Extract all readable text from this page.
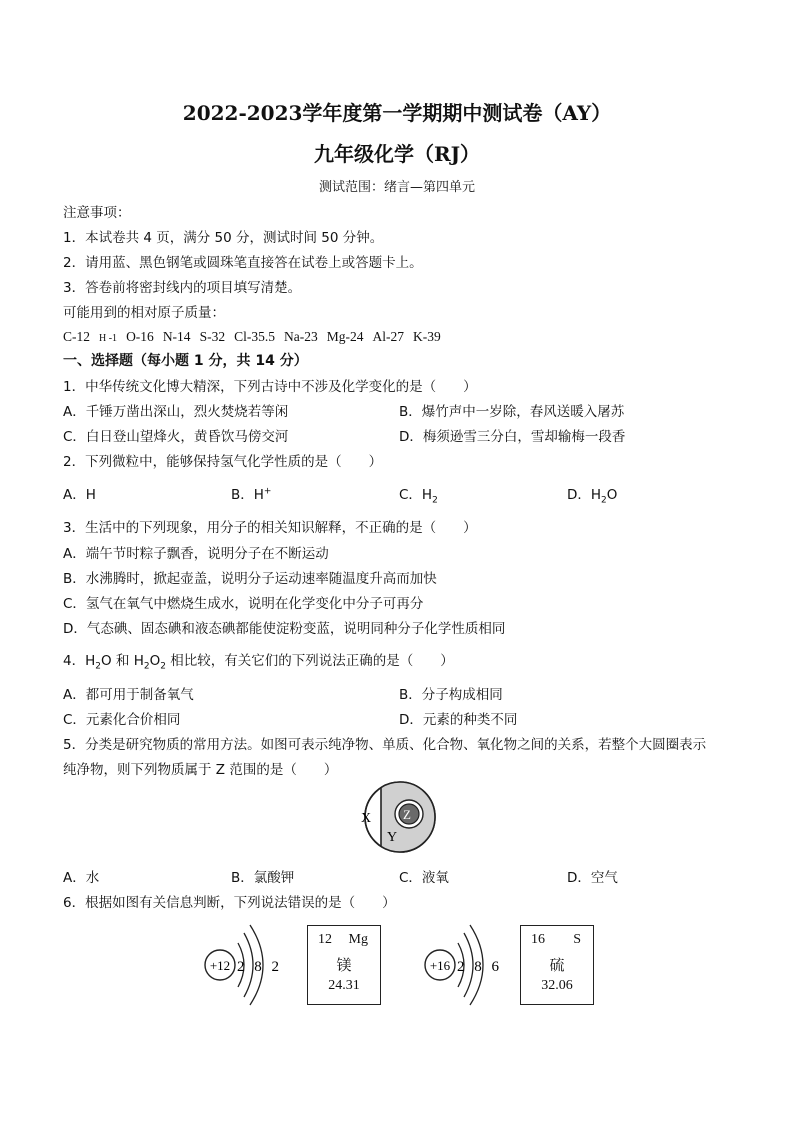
2022-2023学年度第一学期期中测试卷（AY）
九年级化学（RJ）
测试范围：绪言—第四单元
注意事项：
1．本试卷共 4 页，满分 50 分，测试时间 50 分钟。
2．请用蓝、黑色钢笔或圆珠笔直接答在试卷上或答题卡上。
3．答卷前将密封线内的项目填写清楚。
可能用到的相对原子质量：
C-12 H -1 O-16 N-14 S-32 Cl-35.5 Na-23 Mg-24 Al-27 K-39
一、选择题（每小题 1 分，共 14 分）
1．中华传统文化博大精深，下列古诗中不涉及化学变化的是（　　）
A．千锤万凿出深山，烈火焚烧若等闲	B．爆竹声中一岁除，春风送暖入屠苏
C．白日登山望烽火，黄昏饮马傍交河	D．梅须逊雪三分白，雪却输梅一段香
2．下列微粒中，能够保持氢气化学性质的是（　　）
A．H	B．H+	C．$H_2$	D．$H_2O$
3．生活中的下列现象，用分子的相关知识解释，不正确的是（　　）
A．端午节时粽子飘香，说明分子在不断运动
B．水沸腾时，掀起壶盖，说明分子运动速率随温度升高而加快
C．氢气在氧气中燃烧生成水，说明在化学变化中分子可再分
D．气态碘、固态碘和液态碘都能使淀粉变蓝，说明同种分子化学性质相同
4．$H_2O$ 和 $H_2O_2$ 相比较，有关它们的下列说法正确的是（　　）
A．都可用于制备氧气	B．分子构成相同
C．元素化合价相同	D．元素的种类不同
5．分类是研究物质的常用方法。如图可表示纯净物、单质、化合物、氧化物之间的关系，若整个大圆圈表示
纯净物，则下列物质属于 Z 范围的是（　　）
X
Y
Z
A．水	B．氯酸钾	C．液氧	D．空气
6．根据如图有关信息判断，下列说法错误的是（　　）
+12 2 8 2
12 Mg
镁
24.31
+16 2 8 6
16 S
硫
32.06
